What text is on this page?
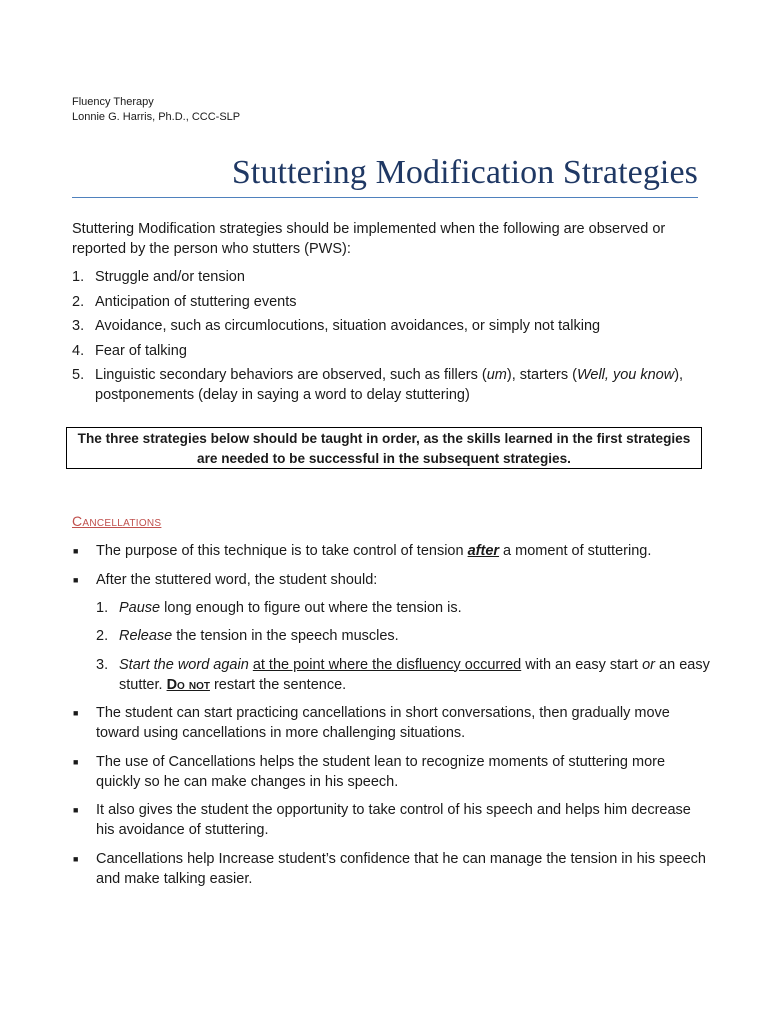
Fluency Therapy
Lonnie G. Harris, Ph.D., CCC-SLP
Stuttering Modification Strategies
Stuttering Modification strategies should be implemented when the following are observed or reported by the person who stutters (PWS):
1. Struggle and/or tension
2. Anticipation of stuttering events
3. Avoidance, such as circumlocutions, situation avoidances, or simply not talking
4. Fear of talking
5. Linguistic secondary behaviors are observed, such as fillers (um), starters (Well, you know), postponements (delay in saying a word to delay stuttering)
The three strategies below should be taught in order, as the skills learned in the first strategies are needed to be successful in the subsequent strategies.
Cancellations
■	The purpose of this technique is to take control of tension after a moment of stuttering.
■	After the stuttered word, the student should:
1. Pause long enough to figure out where the tension is.
2. Release the tension in the speech muscles.
3. Start the word again at the point where the disfluency occurred with an easy start or an easy stutter. Do not restart the sentence.
■	The student can start practicing cancellations in short conversations, then gradually move toward using cancellations in more challenging situations.
■	The use of Cancellations helps the student lean to recognize moments of stuttering more quickly so he can make changes in his speech.
■	It also gives the student the opportunity to take control of his speech and helps him decrease his avoidance of stuttering.
■	Cancellations help Increase student’s confidence that he can manage the tension in his speech and make talking easier.
